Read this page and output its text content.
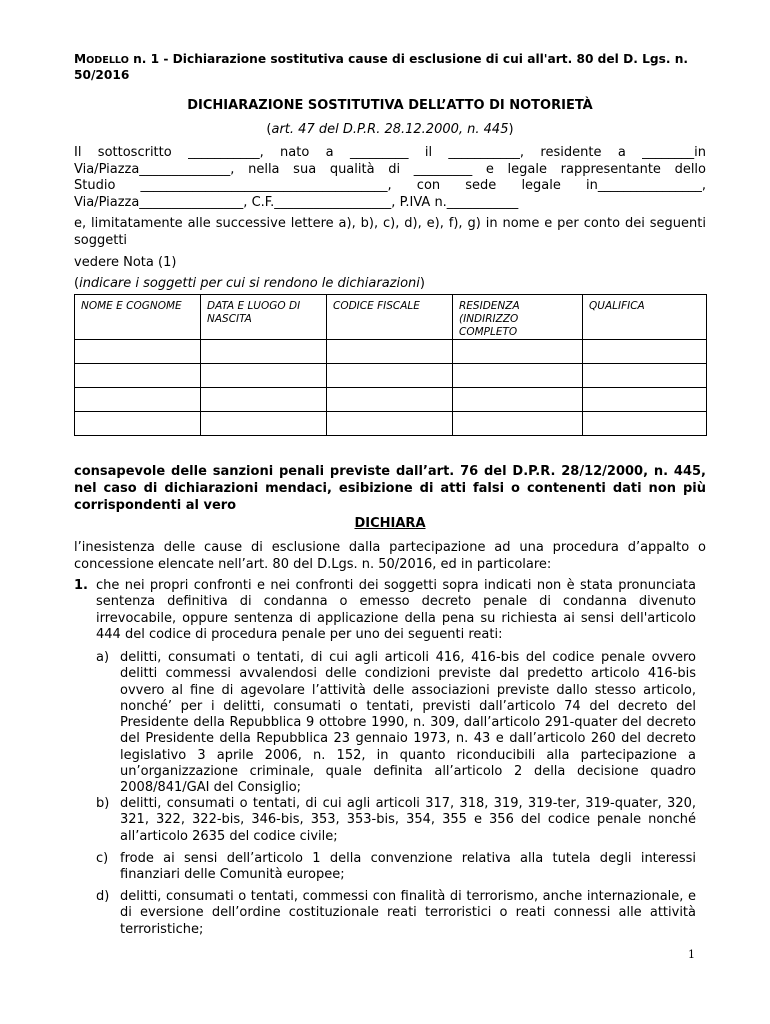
MODELLO n. 1 - Dichiarazione sostitutiva cause di esclusione di cui all'art. 80 del D. Lgs. n. 50/2016
DICHIARAZIONE SOSTITUTIVA DELL’ATTO DI NOTORIETÀ
(art. 47 del D.P.R. 28.12.2000, n. 445)
Il sottoscritto ___________, nato a _________ il ___________, residente a ________in
Via/Piazza______________, nella sua qualità di _________ e legale rappresentante dello
Studio ______________________________________, con sede legale in________________,
Via/Piazza________________, C.F.__________________, P.IVA n.___________
e, limitatamente alle successive lettere a), b), c), d), e), f), g) in nome e per conto dei seguenti soggetti
vedere Nota (1)
(indicare i soggetti per cui si rendono le dichiarazioni)
NOME E COGNOME	DATA E LUOGO DI NASCITA	CODICE FISCALE	RESIDENZA (INDIRIZZO COMPLETO	QUALIFICA

consapevole delle sanzioni penali previste dall’art. 76 del D.P.R. 28/12/2000, n. 445, nel caso di dichiarazioni mendaci, esibizione di atti falsi o contenenti dati non più corrispondenti al vero
DICHIARA
l’inesistenza delle cause di esclusione dalla partecipazione ad una procedura d’appalto o concessione elencate nell’art. 80 del D.Lgs. n. 50/2016, ed in particolare:
1. che nei propri confronti e nei confronti dei soggetti sopra indicati non è stata pronunciata sentenza definitiva di condanna o emesso decreto penale di condanna divenuto irrevocabile, oppure sentenza di applicazione della pena su richiesta ai sensi dell'articolo 444 del codice di procedura penale per uno dei seguenti reati:
a) delitti, consumati o tentati, di cui agli articoli 416, 416-bis del codice penale ovvero delitti commessi avvalendosi delle condizioni previste dal predetto articolo 416-bis ovvero al fine di agevolare l’attività delle associazioni previste dallo stesso articolo, nonché’ per i delitti, consumati o tentati, previsti dall’articolo 74 del decreto del Presidente della Repubblica 9 ottobre 1990, n. 309, dall’articolo 291-quater del decreto del Presidente della Repubblica 23 gennaio 1973, n. 43 e dall’articolo 260 del decreto legislativo 3 aprile 2006, n. 152, in quanto riconducibili alla partecipazione a un’organizzazione criminale, quale definita all’articolo 2 della decisione quadro 2008/841/GAI del Consiglio;
b) delitti, consumati o tentati, di cui agli articoli 317, 318, 319, 319-ter, 319-quater, 320, 321, 322, 322-bis, 346-bis, 353, 353-bis, 354, 355 e 356 del codice penale nonché all’articolo 2635 del codice civile;
c) frode ai sensi dell’articolo 1 della convenzione relativa alla tutela degli interessi finanziari delle Comunità europee;
d) delitti, consumati o tentati, commessi con finalità di terrorismo, anche internazionale, e di eversione dell’ordine costituzionale reati terroristici o reati connessi alle attività terroristiche;
1
